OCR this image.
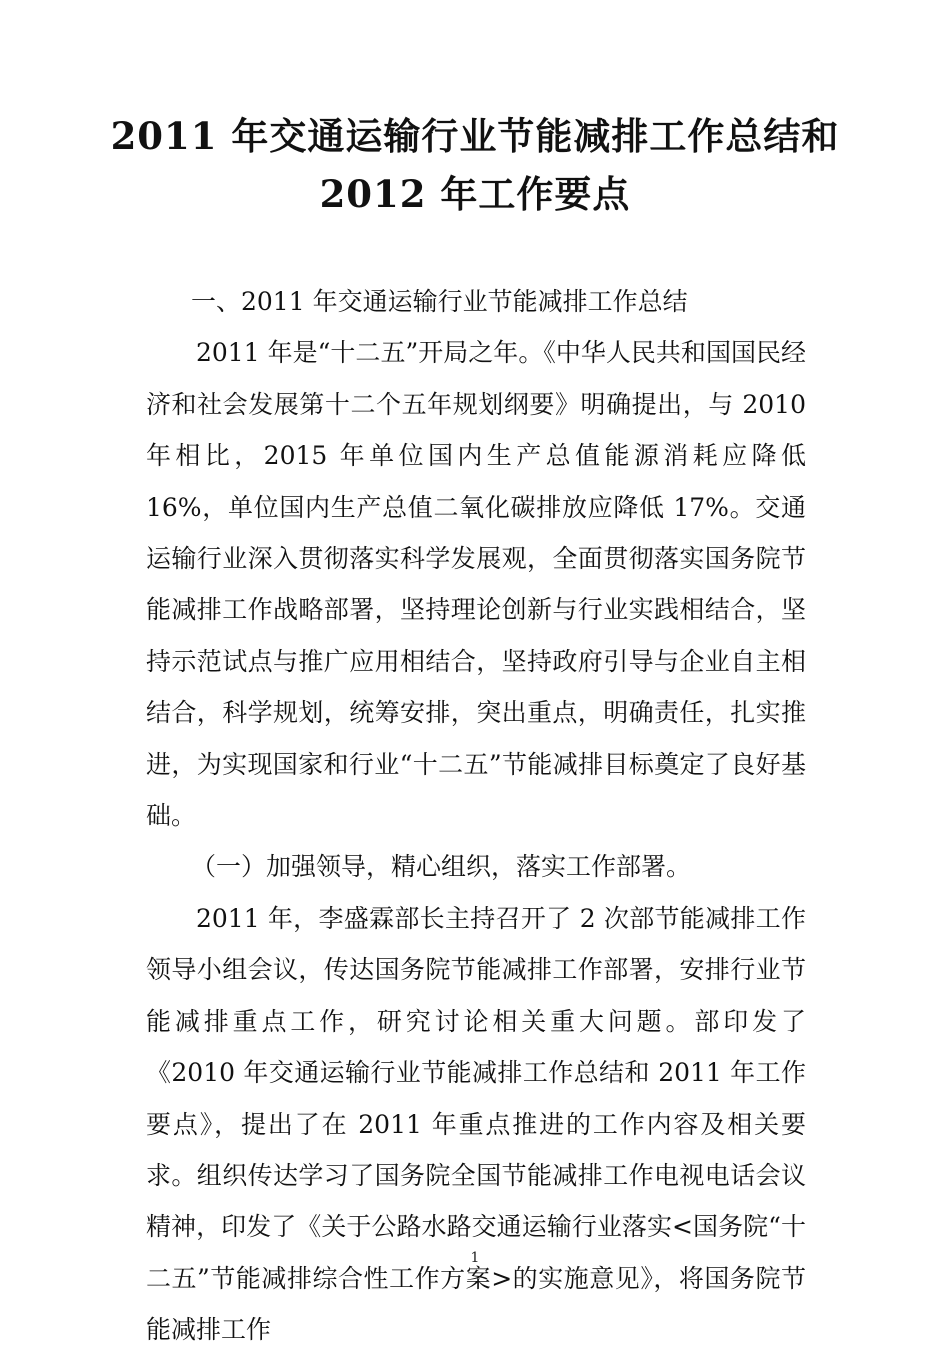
2011 年交通运输行业节能减排工作总结和
2012 年工作要点

一、2011 年交通运输行业节能减排工作总结

2011 年是“十二五”开局之年。《中华人民共和国国民经济和社会发展第十二个五年规划纲要》明确提出，与 2010 年相比，2015 年单位国内生产总值能源消耗应降低 16%，单位国内生产总值二氧化碳排放应降低 17%。交通运输行业深入贯彻落实科学发展观，全面贯彻落实国务院节能减排工作战略部署，坚持理论创新与行业实践相结合，坚持示范试点与推广应用相结合，坚持政府引导与企业自主相结合，科学规划，统筹安排，突出重点，明确责任，扎实推进，为实现国家和行业“十二五”节能减排目标奠定了良好基础。

（一）加强领导，精心组织，落实工作部署。

2011 年，李盛霖部长主持召开了 2 次部节能减排工作领导小组会议，传达国务院节能减排工作部署，安排行业节能减排重点工作，研究讨论相关重大问题。部印发了《2010 年交通运输行业节能减排工作总结和 2011 年工作要点》，提出了在 2011 年重点推进的工作内容及相关要求。组织传达学习了国务院全国节能减排工作电视电话会议精神，印发了《关于公路水路交通运输行业落实<国务院“十二五”节能减排综合性工作方案>的实施意见》，将国务院节能减排工作

1
